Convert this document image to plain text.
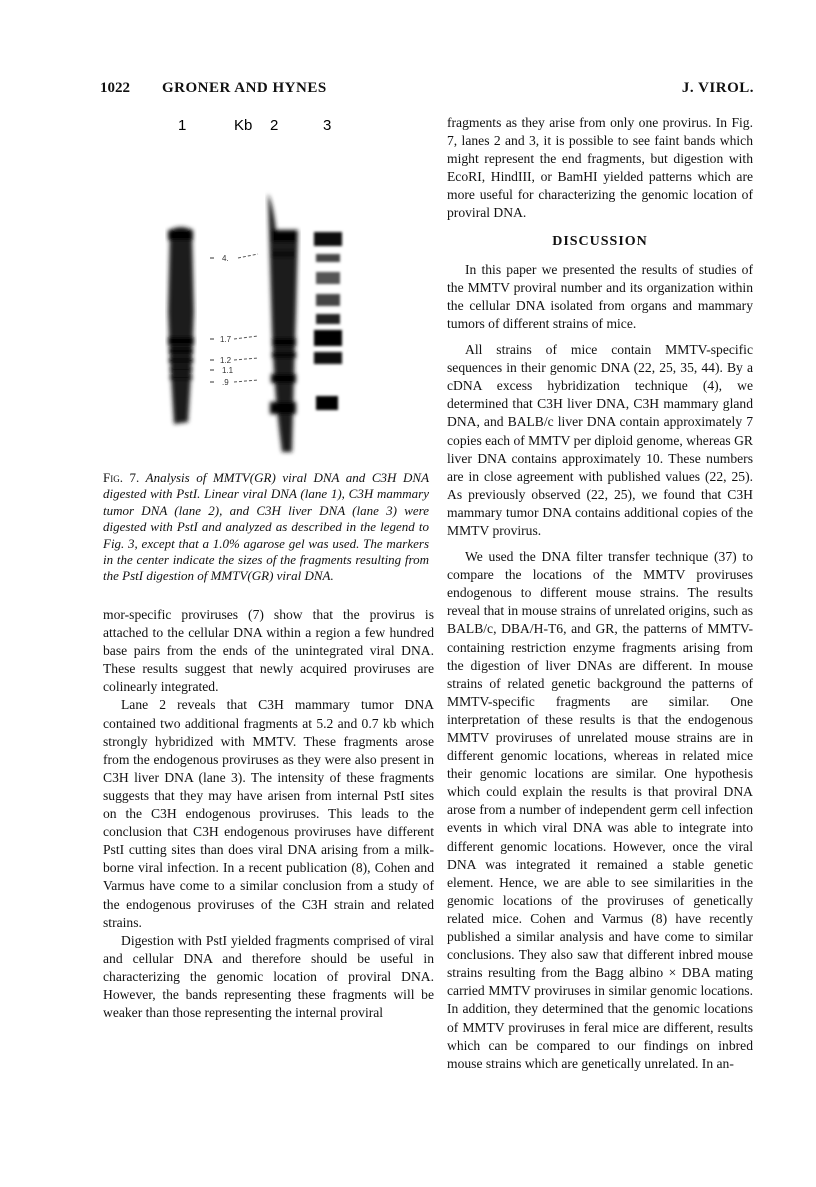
1022 GRONER AND HYNES	J. VIROL.
1	Kb 2	3
4.
1.7
1.2
1.1
.9
Fig. 7. Analysis of MMTV(GR) viral DNA and C3H DNA digested with PstI. Linear viral DNA (lane 1), C3H mammary tumor DNA (lane 2), and C3H liver DNA (lane 3) were digested with PstI and analyzed as described in the legend to Fig. 3, except that a 1.0% agarose gel was used. The markers in the center indicate the sizes of the fragments resulting from the PstI digestion of MMTV(GR) viral DNA.

mor-specific proviruses (7) show that the provirus is attached to the cellular DNA within a region a few hundred base pairs from the ends of the unintegrated viral DNA. These results suggest that newly acquired proviruses are colinearly integrated.

Lane 2 reveals that C3H mammary tumor DNA contained two additional fragments at 5.2 and 0.7 kb which strongly hybridized with MMTV. These fragments arose from the endogenous proviruses as they were also present in C3H liver DNA (lane 3). The intensity of these fragments suggests that they may have arisen from internal PstI sites on the C3H endogenous proviruses. This leads to the conclusion that C3H endogenous proviruses have different PstI cutting sites than does viral DNA arising from a milk-borne viral infection. In a recent publication (8), Cohen and Varmus have come to a similar conclusion from a study of the endogenous proviruses of the C3H strain and related strains.

Digestion with PstI yielded fragments comprised of viral and cellular DNA and therefore should be useful in characterizing the genomic location of proviral DNA. However, the bands representing these fragments will be weaker than those representing the internal proviral

fragments as they arise from only one provirus. In Fig. 7, lanes 2 and 3, it is possible to see faint bands which might represent the end fragments, but digestion with EcoRI, HindIII, or BamHI yielded patterns which are more useful for characterizing the genomic location of proviral DNA.

DISCUSSION

In this paper we presented the results of studies of the MMTV proviral number and its organization within the cellular DNA isolated from organs and mammary tumors of different strains of mice.

All strains of mice contain MMTV-specific sequences in their genomic DNA (22, 25, 35, 44). By a cDNA excess hybridization technique (4), we determined that C3H liver DNA, C3H mammary gland DNA, and BALB/c liver DNA contain approximately 7 copies each of MMTV per diploid genome, whereas GR liver DNA contains approximately 10. These numbers are in close agreement with published values (22, 25). As previously observed (22, 25), we found that C3H mammary tumor DNA contains additional copies of the MMTV provirus.

We used the DNA filter transfer technique (37) to compare the locations of the MMTV proviruses endogenous to different mouse strains. The results reveal that in mouse strains of unrelated origins, such as BALB/c, DBA/H-T6, and GR, the patterns of MMTV-containing restriction enzyme fragments arising from the digestion of liver DNAs are different. In mouse strains of related genetic background the patterns of MMTV-specific fragments are similar. One interpretation of these results is that the endogenous MMTV proviruses of unrelated mouse strains are in different genomic locations, whereas in related mice their genomic locations are similar. One hypothesis which could explain the results is that proviral DNA arose from a number of independent germ cell infection events in which viral DNA was able to integrate into different genomic locations. However, once the viral DNA was integrated it remained a stable genetic element. Hence, we are able to see similarities in the genomic locations of the proviruses of genetically related mice. Cohen and Varmus (8) have recently published a similar analysis and have come to similar conclusions. They also saw that different inbred mouse strains resulting from the Bagg albino × DBA mating carried MMTV proviruses in similar genomic locations. In addition, they determined that the genomic locations of MMTV proviruses in feral mice are different, results which can be compared to our findings on inbred mouse strains which are genetically unrelated. In an-
